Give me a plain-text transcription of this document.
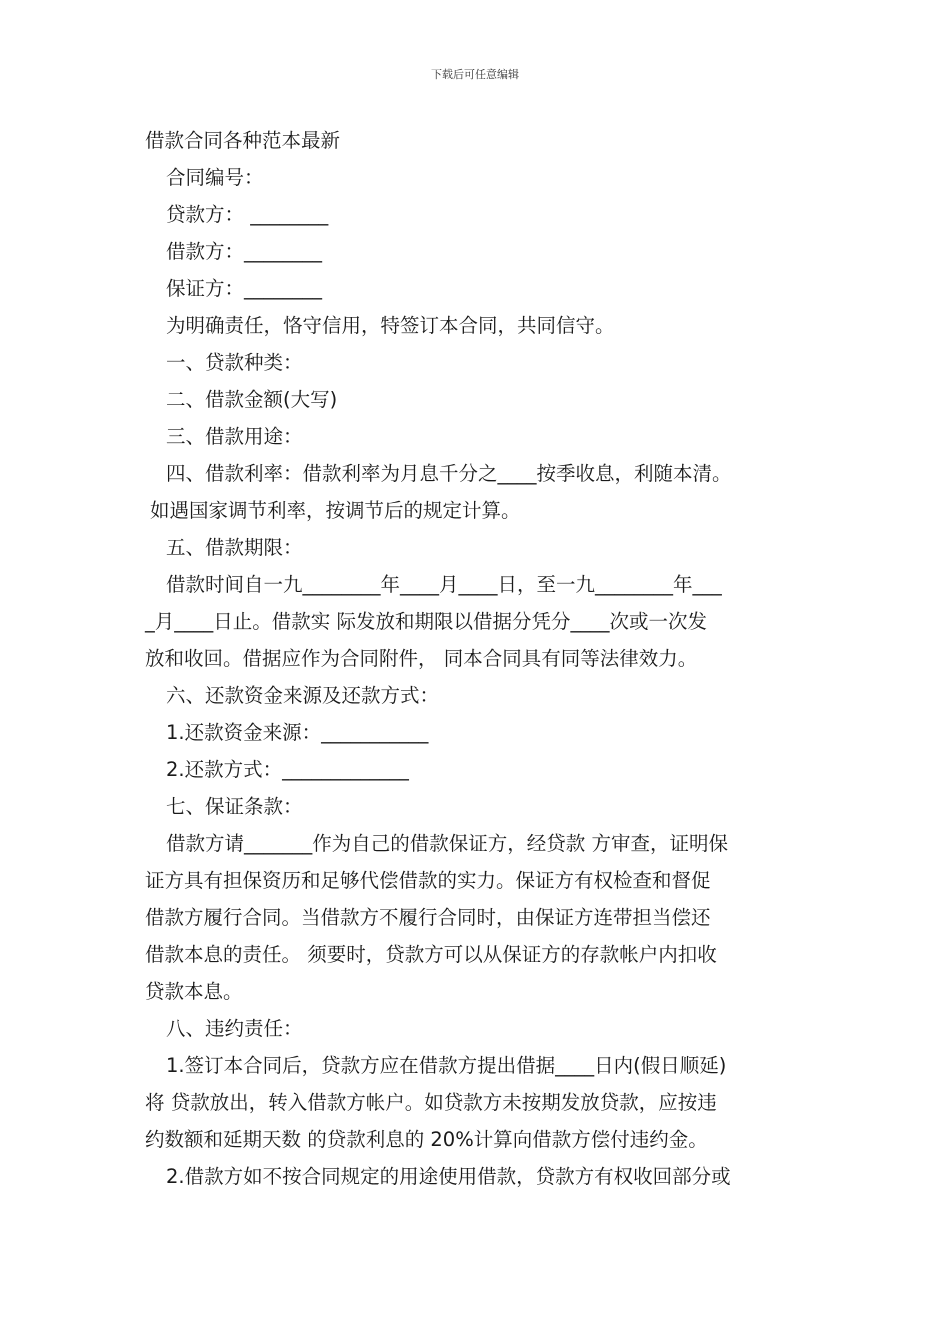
下载后可任意编辑

借款合同各种范本最新

合同编号：

贷款方： ________

借款方：________

保证方：________

为明确责任，恪守信用，特签订本合同，共同信守。

一、贷款种类：

二、借款金额(大写)

三、借款用途：

四、借款利率：借款利率为月息千分之____按季收息，利随本清。

如遇国家调节利率，按调节后的规定计算。

五、借款期限：

借款时间自一九________年____月____日，至一九________年___

_月____日止。借款实 际发放和期限以借据分凭分____次或一次发

放和收回。借据应作为合同附件， 同本合同具有同等法律效力。

六、还款资金来源及还款方式：

1.还款资金来源：___________

2.还款方式：_____________

七、保证条款：

借款方请_______作为自己的借款保证方，经贷款 方审查，证明保

证方具有担保资历和足够代偿借款的实力。保证方有权检查和督促

借款方履行合同。当借款方不履行合同时，由保证方连带担当偿还

借款本息的责任。 须要时，贷款方可以从保证方的存款帐户内扣收

贷款本息。

八、违约责任：

1.签订本合同后，贷款方应在借款方提出借据____日内(假日顺延)

将 贷款放出，转入借款方帐户。如贷款方未按期发放贷款，应按违

约数额和延期天数 的贷款利息的 20%计算向借款方偿付违约金。

2.借款方如不按合同规定的用途使用借款，贷款方有权收回部分或
